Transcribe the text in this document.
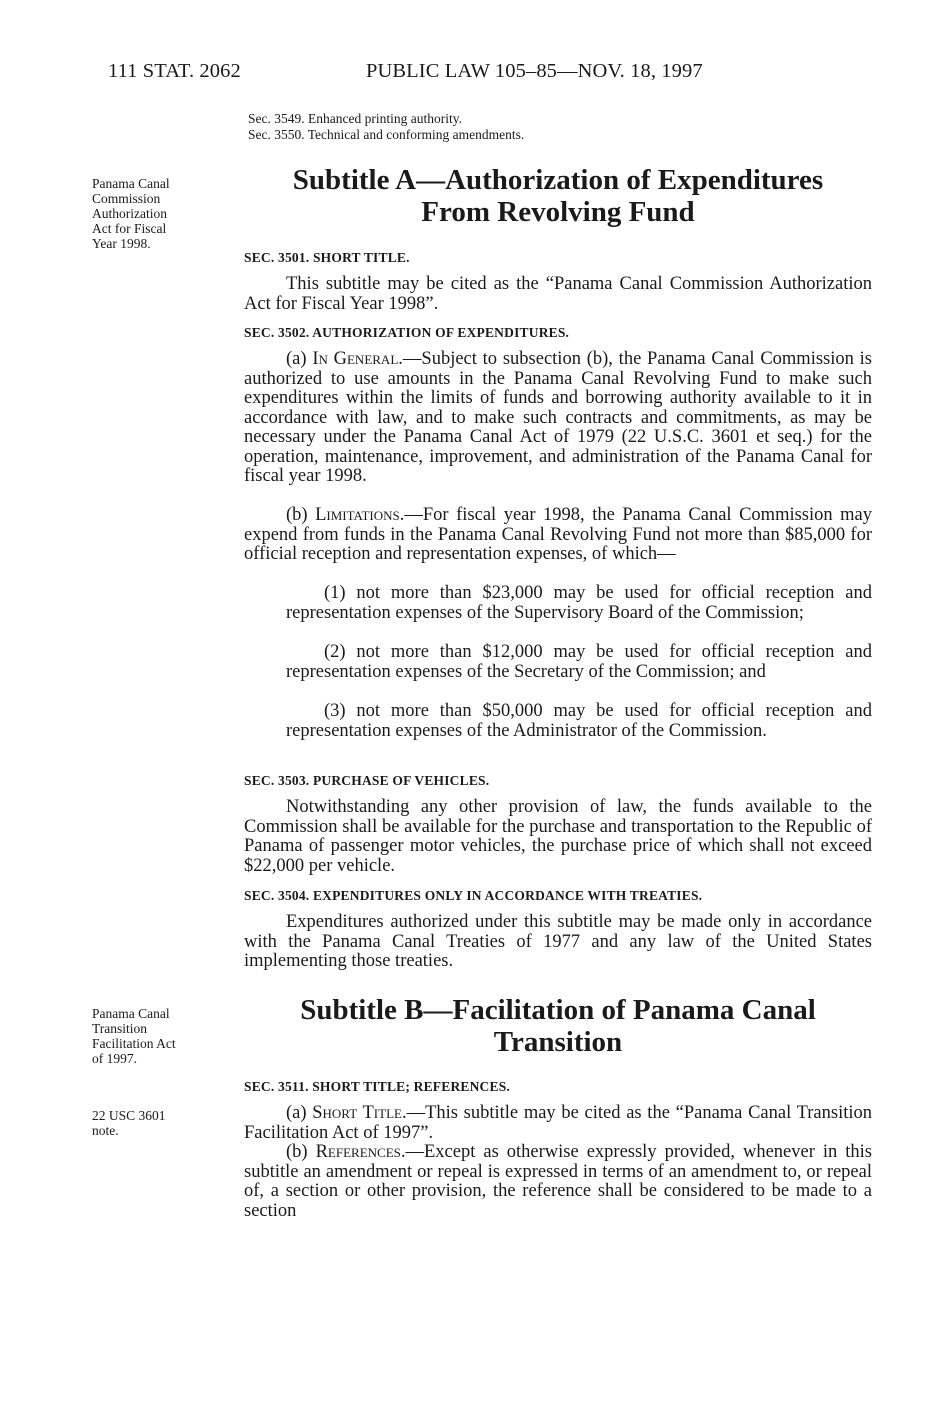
111 STAT. 2062	PUBLIC LAW 105–85—NOV. 18, 1997
Sec. 3549. Enhanced printing authority.
Sec. 3550. Technical and conforming amendments.
Panama Canal
Commission
Authorization
Act for Fiscal
Year 1998.
Subtitle A—Authorization of Expenditures
From Revolving Fund
SEC. 3501. SHORT TITLE.
This subtitle may be cited as the “Panama Canal Commission Authorization Act for Fiscal Year 1998”.
SEC. 3502. AUTHORIZATION OF EXPENDITURES.
(a) In General.—Subject to subsection (b), the Panama Canal Commission is authorized to use amounts in the Panama Canal Revolving Fund to make such expenditures within the limits of funds and borrowing authority available to it in accordance with law, and to make such contracts and commitments, as may be necessary under the Panama Canal Act of 1979 (22 U.S.C. 3601 et seq.) for the operation, maintenance, improvement, and administration of the Panama Canal for fiscal year 1998.
(b) Limitations.—For fiscal year 1998, the Panama Canal Commission may expend from funds in the Panama Canal Revolving Fund not more than $85,000 for official reception and representation expenses, of which—
(1) not more than $23,000 may be used for official reception and representation expenses of the Supervisory Board of the Commission;
(2) not more than $12,000 may be used for official reception and representation expenses of the Secretary of the Commission; and
(3) not more than $50,000 may be used for official reception and representation expenses of the Administrator of the Commission.
SEC. 3503. PURCHASE OF VEHICLES.
Notwithstanding any other provision of law, the funds available to the Commission shall be available for the purchase and transportation to the Republic of Panama of passenger motor vehicles, the purchase price of which shall not exceed $22,000 per vehicle.
SEC. 3504. EXPENDITURES ONLY IN ACCORDANCE WITH TREATIES.
Expenditures authorized under this subtitle may be made only in accordance with the Panama Canal Treaties of 1977 and any law of the United States implementing those treaties.
Panama Canal
Transition
Facilitation Act
of 1997.
Subtitle B—Facilitation of Panama Canal
Transition
SEC. 3511. SHORT TITLE; REFERENCES.
22 USC 3601
note.
(a) Short Title.—This subtitle may be cited as the “Panama Canal Transition Facilitation Act of 1997”.
(b) References.—Except as otherwise expressly provided, whenever in this subtitle an amendment or repeal is expressed in terms of an amendment to, or repeal of, a section or other provision, the reference shall be considered to be made to a section
